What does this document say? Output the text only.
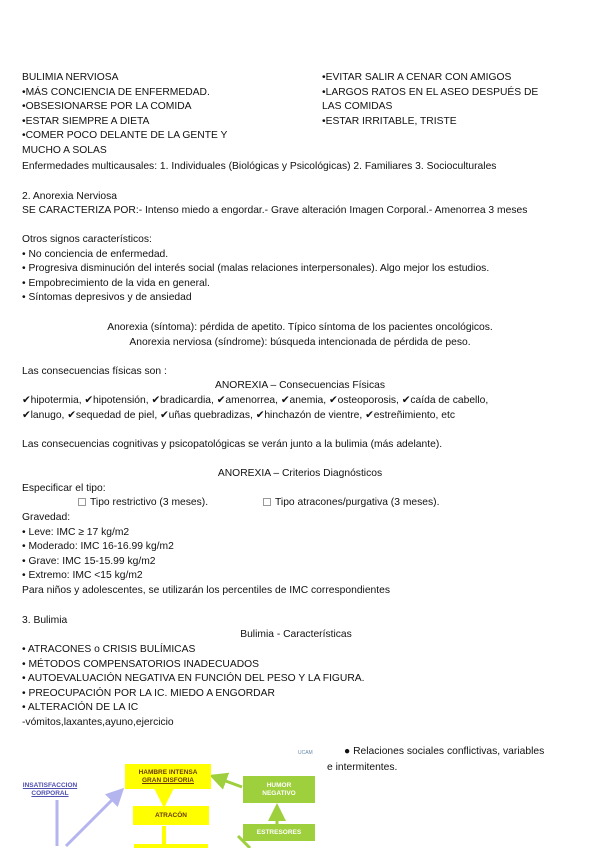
BULIMIA NERVIOSA
•MÁS CONCIENCIA DE ENFERMEDAD.
•OBSESIONARSE POR LA COMIDA
•ESTAR SIEMPRE A DIETA
•COMER POCO DELANTE DE LA GENTE Y
MUCHO A SOLAS
•EVITAR SALIR A CENAR CON AMIGOS
•LARGOS RATOS EN EL ASEO DESPUÉS DE
LAS COMIDAS
•ESTAR IRRITABLE, TRISTE
Enfermedades multicausales: 1. Individuales (Biológicas y Psicológicas) 2. Familiares 3. Socioculturales
2. Anorexia Nerviosa
SE CARACTERIZA POR:- Intenso miedo a engordar.- Grave alteración Imagen Corporal.- Amenorrea 3 meses
Otros signos característicos:
• No conciencia de enfermedad.
• Progresiva disminución del interés social (malas relaciones interpersonales). Algo mejor los estudios.
• Empobrecimiento de la vida en general.
• Síntomas depresivos y de ansiedad
Anorexia (síntoma): pérdida de apetito. Típico síntoma de los pacientes oncológicos.
Anorexia nerviosa (síndrome): búsqueda intencionada de pérdida de peso.
Las consecuencias físicas son :
ANOREXIA – Consecuencias Físicas
✔hipotermia, ✔hipotensión, ✔bradicardia, ✔amenorrea, ✔anemia, ✔osteoporosis, ✔caída de cabello,
✔lanugo, ✔sequedad de piel, ✔uñas quebradizas, ✔hinchazón de vientre, ✔estreñimiento, etc
Las consecuencias cognitivas y psicopatológicas se verán junto a la bulimia (más adelante).
ANOREXIA – Criterios Diagnósticos
Especificar el tipo:
Tipo restrictivo (3 meses).	Tipo atracones/purgativa (3 meses).
Gravedad:
• Leve: IMC ≥ 17 kg/m2
• Moderado: IMC 16-16.99 kg/m2
• Grave: IMC 15-15.99 kg/m2
• Extremo: IMC <15 kg/m2
Para niños y adolescentes, se utilizarán los percentiles de IMC correspondientes
3. Bulimia
Bulimia - Características
• ATRACONES o CRISIS BULÍMICAS
• MÉTODOS COMPENSATORIOS INADECUADOS
• AUTOEVALUACIÓN NEGATIVA EN FUNCIÓN DEL PESO Y LA FIGURA.
• PREOCUPACIÓN POR LA IC. MIEDO A ENGORDAR
• ALTERACIÓN DE LA IC
-vómitos,laxantes,ayuno,ejercicio
UCAM	● Relaciones sociales conflictivas, variables
e intermitentes.
INSATISFACCION
CORPORAL
HAMBRE INTENSA
GRAN DISFORIA
HUMOR
NEGATIVO
ATRACÓN
ESTRESORES
